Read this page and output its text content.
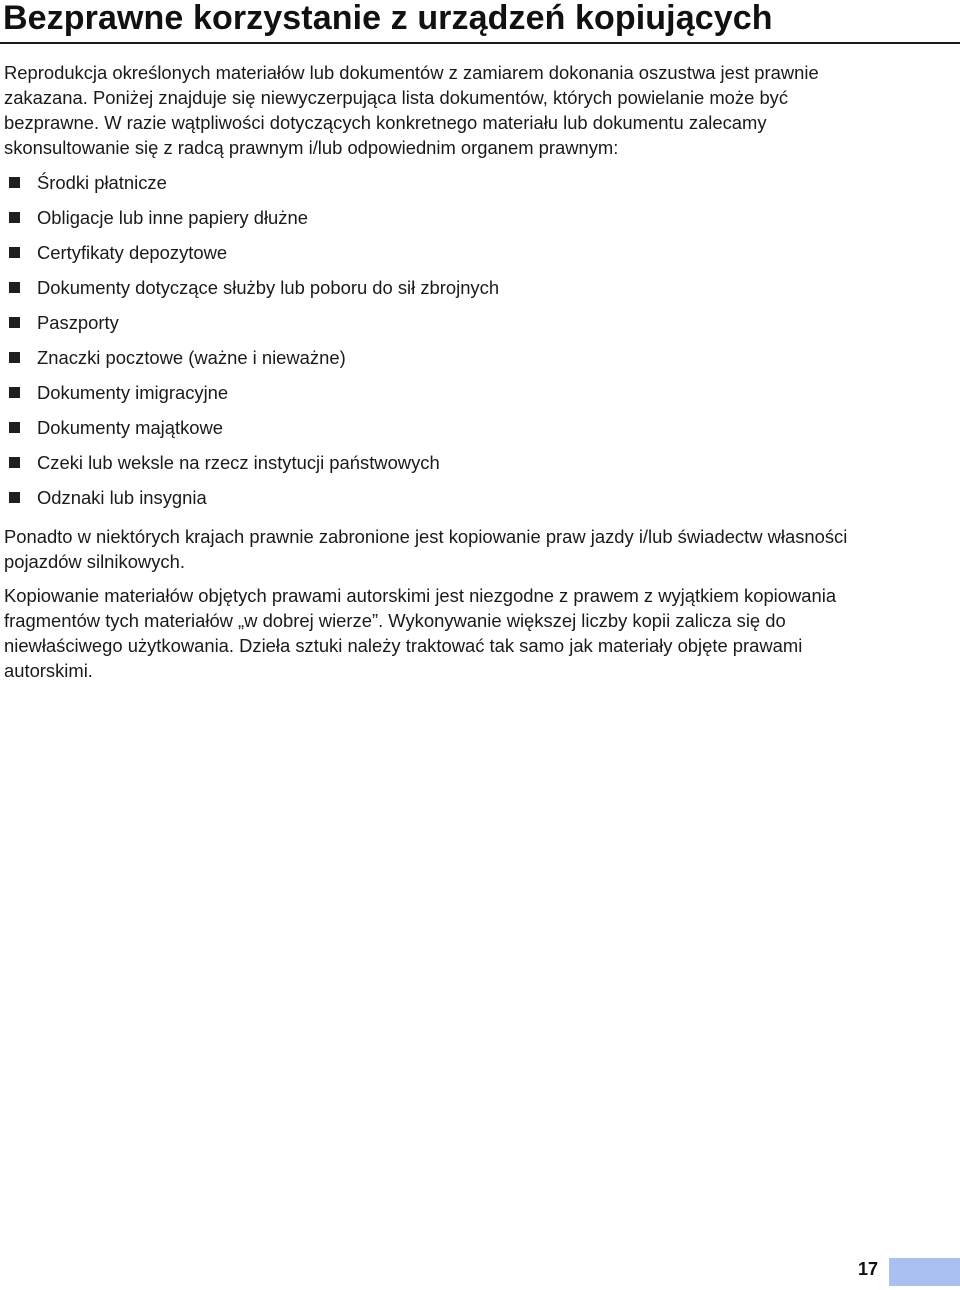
Bezprawne korzystanie z urządzeń kopiujących

Reprodukcja określonych materiałów lub dokumentów z zamiarem dokonania oszustwa jest prawnie zakazana. Poniżej znajduje się niewyczerpująca lista dokumentów, których powielanie może być bezprawne. W razie wątpliwości dotyczących konkretnego materiału lub dokumentu zalecamy skonsultowanie się z radcą prawnym i/lub odpowiednim organem prawnym:

Środki płatnicze
Obligacje lub inne papiery dłużne
Certyfikaty depozytowe
Dokumenty dotyczące służby lub poboru do sił zbrojnych
Paszporty
Znaczki pocztowe (ważne i nieważne)
Dokumenty imigracyjne
Dokumenty majątkowe
Czeki lub weksle na rzecz instytucji państwowych
Odznaki lub insygnia

Ponadto w niektórych krajach prawnie zabronione jest kopiowanie praw jazdy i/lub świadectw własności pojazdów silnikowych.

Kopiowanie materiałów objętych prawami autorskimi jest niezgodne z prawem z wyjątkiem kopiowania fragmentów tych materiałów „w dobrej wierze”. Wykonywanie większej liczby kopii zalicza się do niewłaściwego użytkowania. Dzieła sztuki należy traktować tak samo jak materiały objęte prawami autorskimi.

17
